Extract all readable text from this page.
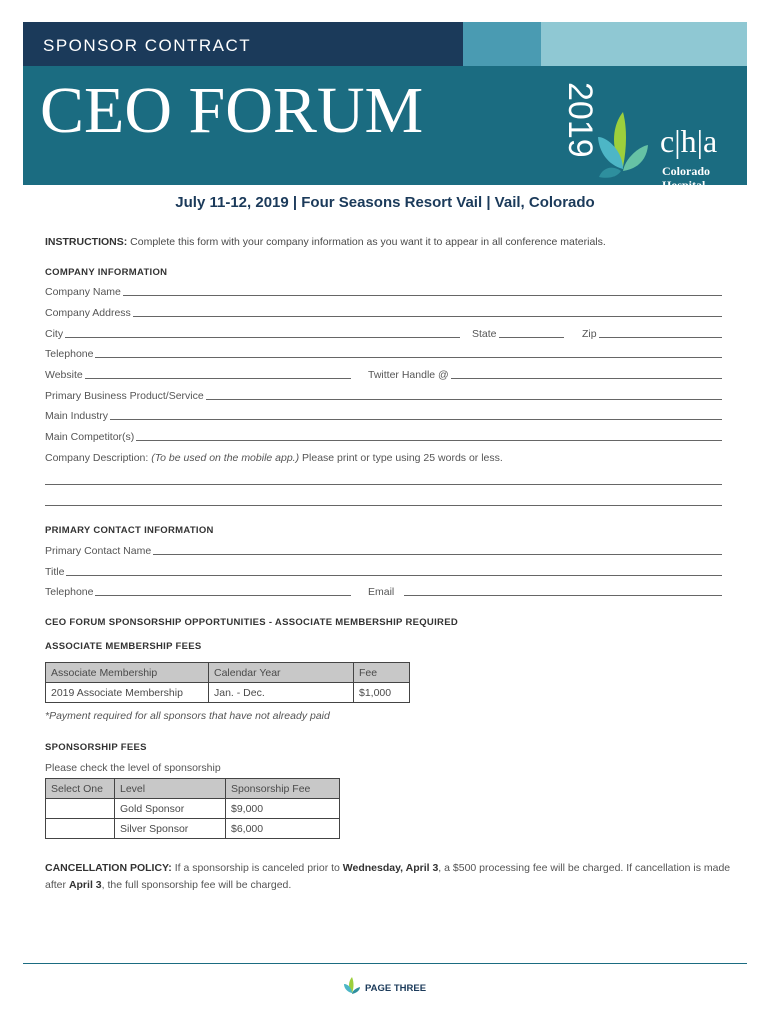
SPONSOR CONTRACT
CEO FORUM	2019 c|h|a
Colorado Hospital
Association
July 11-12, 2019 | Four Seasons Resort Vail | Vail, Colorado
INSTRUCTIONS: Complete this form with your company information as you want it to appear in all conference materials.
COMPANY INFORMATION
Company Name
Company Address
City	State	Zip
Telephone
Website	Twitter Handle @
Primary Business Product/Service
Main Industry
Main Competitor(s)
Company Description: (To be used on the mobile app.) Please print or type using 25 words or less.
PRIMARY CONTACT INFORMATION
Primary Contact Name
Title
Telephone	Email
CEO FORUM SPONSORSHIP OPPORTUNITIES - ASSOCIATE MEMBERSHIP REQUIRED
ASSOCIATE MEMBERSHIP FEES
Associate Membership	Calendar Year	Fee
2019 Associate Membership	Jan. - Dec.	$1,000
*Payment required for all sponsors that have not already paid
SPONSORSHIP FEES
Please check the level of sponsorship
Select One	Level	Sponsorship Fee
	Gold Sponsor	$9,000
	Silver Sponsor	$6,000
CANCELLATION POLICY: If a sponsorship is canceled prior to Wednesday, April 3, a $500 processing fee will be charged. If cancellation is made after April 3, the full sponsorship fee will be charged.
PAGE THREE
